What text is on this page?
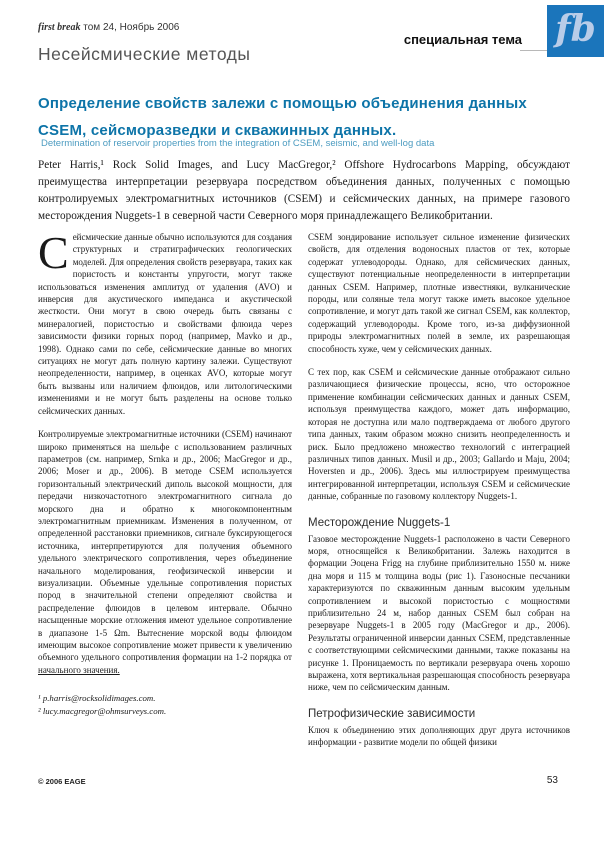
first break том 24, Ноябрь 2006
Несейсмические методы
специальная тема fb
Определение свойств залежи с помощью объединения данных
CSEM, сейсморазведки и скважинных данных.
Determination of reservoir properties from the integration of CSEM, seismic, and well-log data
Peter Harris,¹ Rock Solid Images, and Lucy MacGregor,² Offshore Hydrocarbons Mapping, обсуждают преимущества интерпретации резервуара посредством объединения данных, полученных с помощью контролируемых электромагнитных источников (CSEM) и сейсмических данных, на примере газового месторождения Nuggets-1 в северной части Северного моря принадлежащего Великобритании.
Сейсмические данные обычно используются для создания структурных и стратиграфических геологических моделей. Для определения свойств резервуара, таких как пористость и константы упругости, могут также использоваться изменения амплитуд от удаления (AVO) и инверсия для акустического импеданса и акустической жесткости. Они могут в свою очередь быть связаны с минералогией, пористостью и свойствами флюида через зависимости физики горных пород (например, Mavko и др., 1998). Однако сами по себе, сейсмические данные во многих ситуациях не могут дать полную картину залежи. Существуют неопределенности, например, в оценках AVO, которые могут быть вызваны или наличием флюидов, или литологическими изменениями и не могут быть разделены на основе только сейсмических данных.
Контролируемые электромагнитные источники (CSEM) начинают широко применяться на шельфе с использованием различных параметров (см. например, Srnka и др., 2006; MacGregor и др., 2006; Moser и др., 2006). В методе CSEM используется горизонтальный электрический диполь высокой мощности, для передачи низкочастотного электромагнитного сигнала до морского дна и обратно к многокомпонентным электромагнитным приемникам. Изменения в полученном, от определенной расстановки приемников, сигнале буксирующегося источника, интерпретируются для получения объемного удельного электрического сопротивления, через объединение начального моделирования, геофизической инверсии и визуализации. Объемные удельные сопротивления пористых пород в значительной степени определяют свойства и распределение флюидов в целевом интервале. Обычно насыщенные морские отложения имеют удельное сопротивление в диапазоне 1-5 Ωm. Вытеснение морской воды флюидом имеющим высокое сопротивление может привести к увеличению объемного удельного сопротивления формации на 1-2 порядка от начального значения.
¹ p.harris@rocksolidimages.com.
² lucy.macgregor@ohmsurveys.com.
CSEM зондирование использует сильное изменение физических свойств, для отделения водоносных пластов от тех, которые содержат углеводороды. Однако, для сейсмических данных, существуют потенциальные неопределенности в интерпретации данных CSEM. Например, плотные известняки, вулканические породы, или соляные тела могут также иметь высокое удельное сопротивление, и могут дать такой же сигнал CSEM, как коллектор, содержащий углеводороды. Кроме того, из-за диффузионной природы электромагнитных полей в земле, их разрешающая способность хуже, чем у сейсмических данных.
С тех пор, как CSEM и сейсмические данные отображают сильно различающиеся физические процессы, ясно, что осторожное применение комбинации сейсмических данных и данных CSEM, используя преимущества каждого, может дать информацию, которая не доступна или мало подтверждаема от любого другого типа данных, таким образом можно снизить неопределенность и риск. Было предложено множество технологий с интеграцией различных типов данных. Musil и др., 2003; Gallardo и Maju, 2004; Hoversten и др., 2006). Здесь мы иллюстрируем преимущества интегрированной интерпретации, используя CSEM и сейсмические данные, собранные по газовому коллектору Nuggets-1.
Месторождение Nuggets-1
Газовое месторождение Nuggets-1 расположено в части Северного моря, относящейся к Великобритании. Залежь находится в формации Эоцена Frigg на глубине приблизительно 1550 м. ниже дна моря и 115 м толщина воды (рис 1). Газоносные песчаники характеризуются по скважинным данным высоким удельным сопротивлением и высокой пористостью с мощностями приблизительно 24 м, набор данных CSEM был собран на резервуаре Nuggets-1 в 2005 году (MacGregor и др., 2006). Результаты ограниченной инверсии данных CSEM, представленные с соответствующими сейсмическими данными, также показаны на рисунке 1. Проницаемость по вертикали резервуара очень хорошо выражена, хотя вертикальная разрешающая способность резервуара ниже, чем по сейсмическим данным.
Петрофизические зависимости
Ключ к объединению этих дополняющих друг друга источников информации - развитие модели по общей физики
© 2006 EAGE	53
